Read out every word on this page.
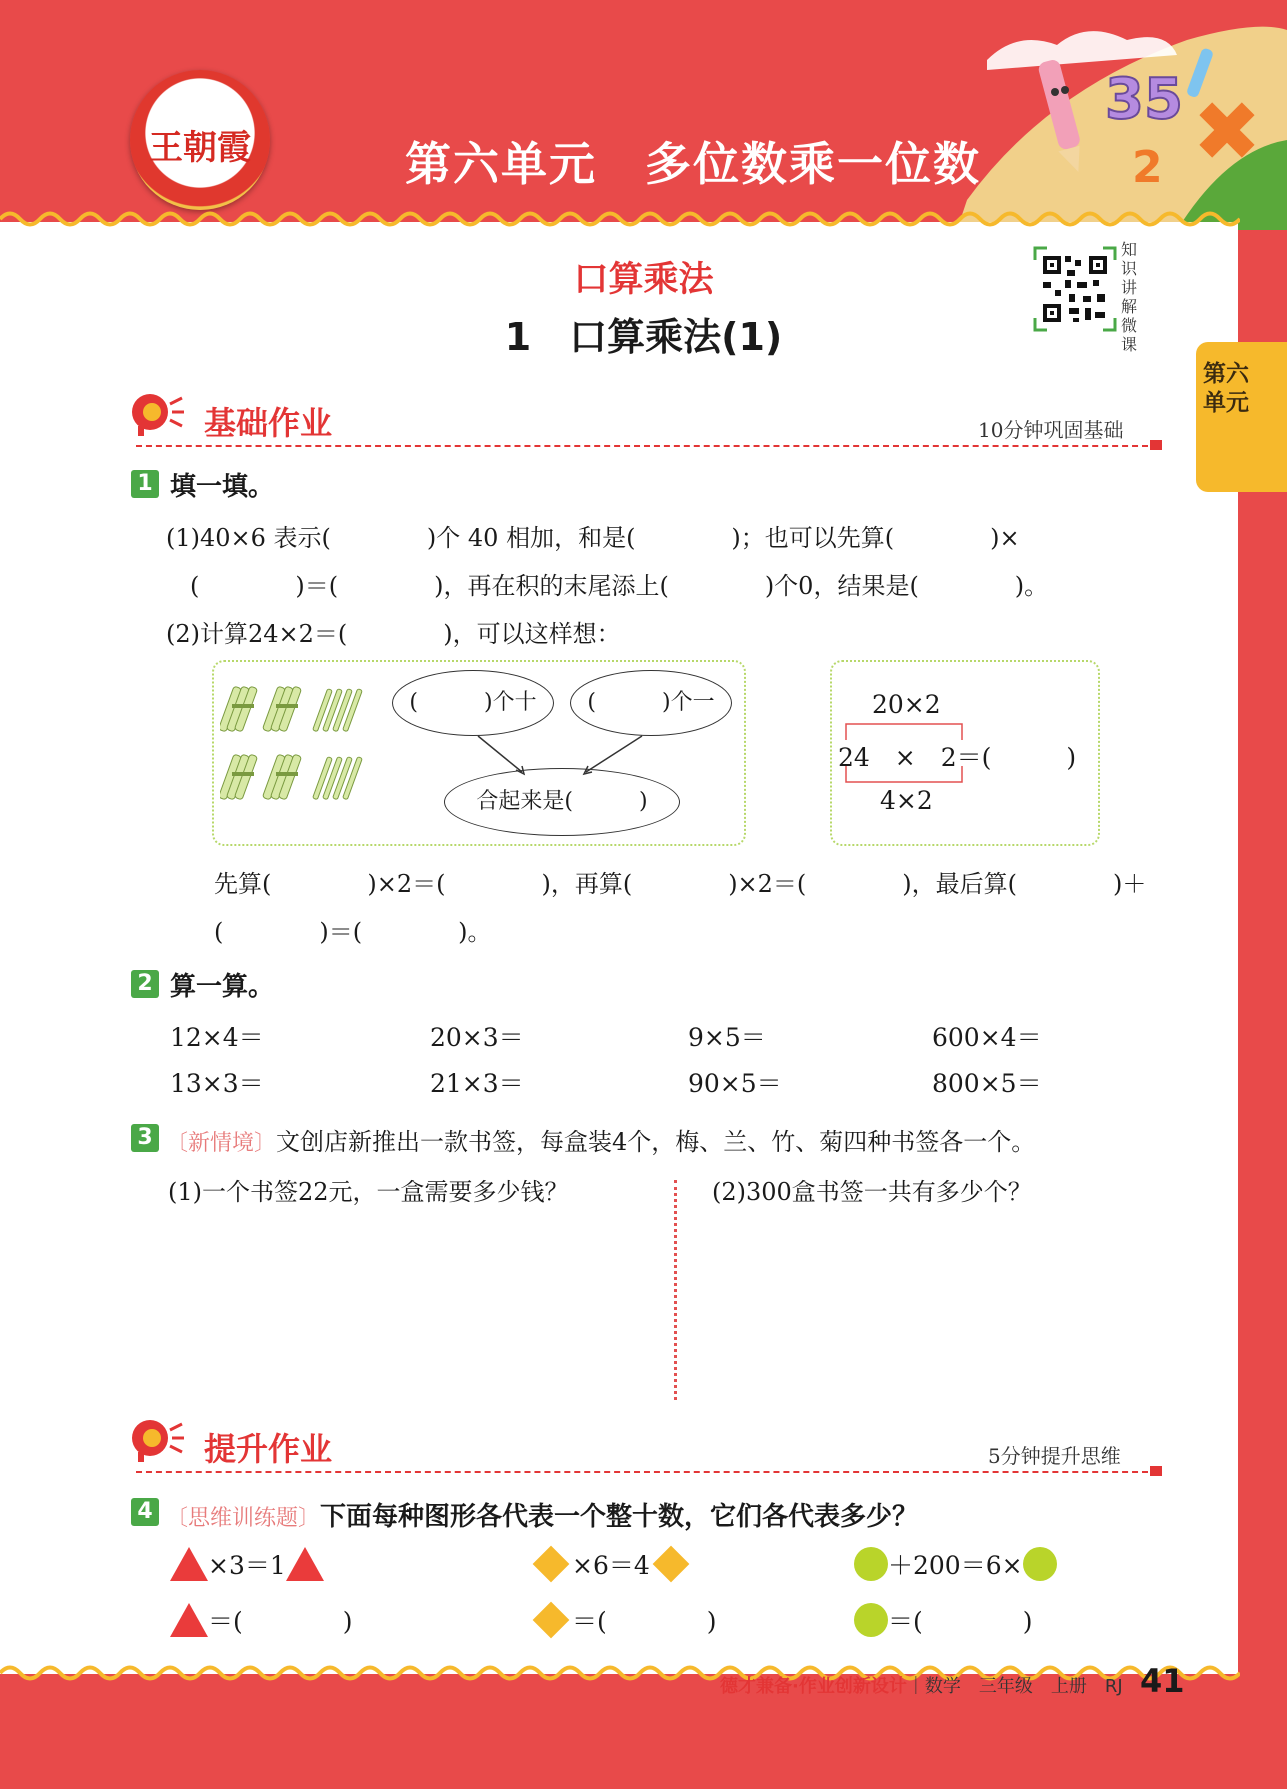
35
2
王朝霞	第六单元　多位数乘一位数
第六单元
口算乘法
1　口算乘法(1)
知识讲解微课
基础作业	10分钟巩固基础
1 填一填。
(1)40×6 表示(　　　　)个 40 相加，和是(　　　　)；也可以先算(　　　　)×
　(　　　　)＝(　　　　)，再在积的末尾添上(　　　　)个0，结果是(　　　　)。
(2)计算24×2＝(　　　　)，可以这样想：
(　　　)个十	(　　　)个一
合起来是(　　　)
20×2
24　×　2＝(　　　)
4×2
先算(　　　　)×2＝(　　　　)，再算(　　　　)×2＝(　　　　)，最后算(　　　　)＋
(　　　　)＝(　　　　)。
2 算一算。
12×4＝	20×3＝	9×5＝	600×4＝
13×3＝	21×3＝	90×5＝	800×5＝
3 〔新情境〕文创店新推出一款书签，每盒装4个，梅、兰、竹、菊四种书签各一个。
(1)一个书签22元，一盒需要多少钱？	(2)300盒书签一共有多少个？
提升作业	5分钟提升思维
4 〔思维训练题〕下面每种图形各代表一个整十数，它们各代表多少？
×3＝1	×6＝4	＋200＝6×
＝(　　　　)	＝(　　　　)	＝(　　　　)
德才兼备·作业创新设计｜数学　三年级　上册　RJ 41
